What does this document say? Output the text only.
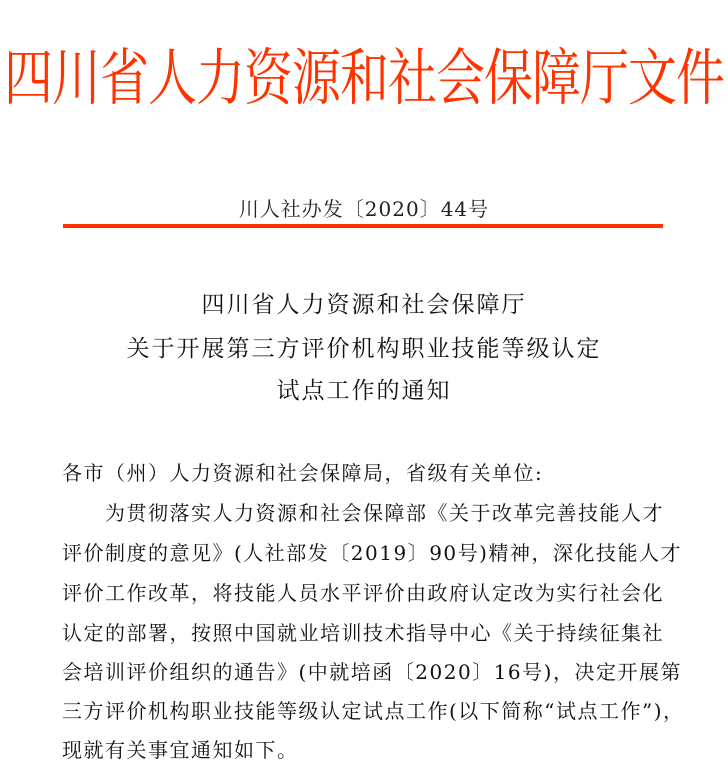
四川省人力资源和社会保障厅文件
川人社办发〔2020〕44号
四川省人力资源和社会保障厅
关于开展第三方评价机构职业技能等级认定
试点工作的通知
各市（州）人力资源和社会保障局，省级有关单位:
　　为贯彻落实人力资源和社会保障部《关于改革完善技能人才
评价制度的意见》(人社部发〔2019〕90号)精神，深化技能人才
评价工作改革，将技能人员水平评价由政府认定改为实行社会化
认定的部署，按照中国就业培训技术指导中心《关于持续征集社
会培训评价组织的通告》(中就培函〔2020〕16号)，决定开展第
三方评价机构职业技能等级认定试点工作(以下简称“试点工作”)，
现就有关事宜通知如下。
